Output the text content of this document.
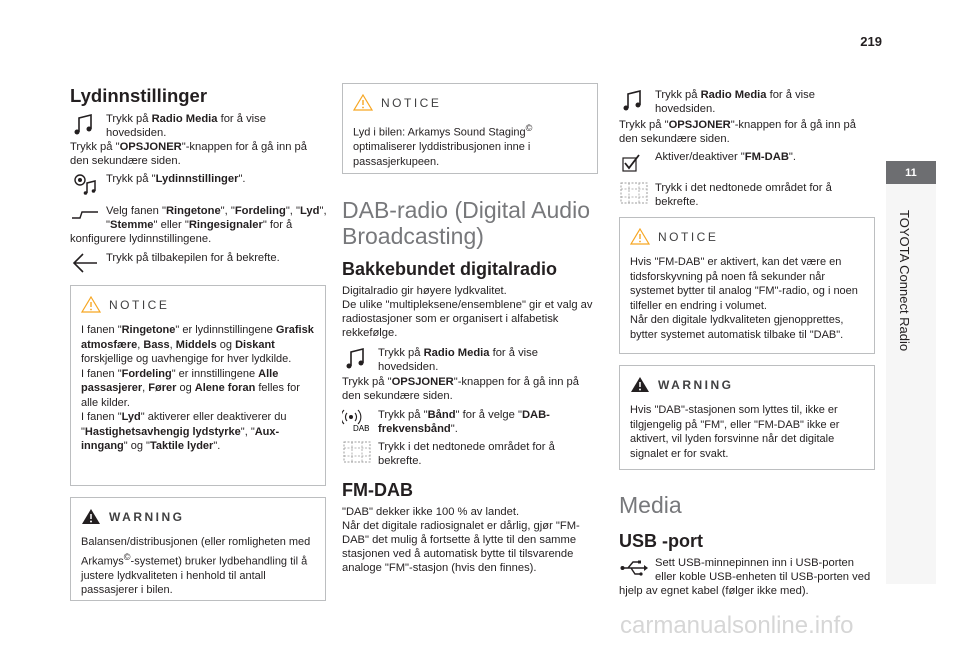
219
11
TOYOTA Connect Radio
Lydinnstillinger

Trykk på Radio Media for å vise hovedsiden.

Trykk på "OPSJONER"-knappen for å gå inn på den sekundære siden.

Trykk på "Lydinnstillinger".

Velg fanen "Ringetone", "Fordeling", "Lyd", "Stemme" eller "Ringesignaler" for å konfigurere lydinnstillingene.

Trykk på tilbakepilen for å bekrefte.

NOTICE

I fanen "Ringetone" er lydinnstillingene Grafisk atmosfære, Bass, Middels og Diskant forskjellige og uavhengige for hver lydkilde.
I fanen "Fordeling" er innstillingene Alle passasjerer, Fører og Alene foran felles for alle kilder.
I fanen "Lyd" aktiverer eller deaktiverer du "Hastighetsavhengig lydstyrke", "Aux-inngang" og "Taktile lyder".

WARNING

Balansen/distribusjonen (eller romligheten med Arkamys©-systemet) bruker lydbehandling til å justere lydkvaliteten i henhold til antall passasjerer i bilen.

NOTICE

Lyd i bilen: Arkamys Sound Staging© optimaliserer lyddistribusjonen inne i passasjerkupeen.

DAB-radio (Digital Audio Broadcasting)
Bakkebundet digitalradio

Digitalradio gir høyere lydkvalitet.
De ulike "multipleksene/ensemblene" gir et valg av radiostasjoner som er organisert i alfabetisk rekkefølge.

Trykk på Radio Media for å vise hovedsiden.

Trykk på "OPSJONER"-knappen for å gå inn på den sekundære siden.

DAB

Trykk på "Bånd" for å velge "DAB-frekvensbånd".

Trykk i det nedtonede området for å bekrefte.

FM-DAB

"DAB" dekker ikke 100 % av landet.
Når det digitale radiosignalet er dårlig, gjør "FM-DAB" det mulig å fortsette å lytte til den samme stasjonen ved å automatisk bytte til tilsvarende analoge "FM"-stasjon (hvis den finnes).

Trykk på Radio Media for å vise hovedsiden.

Trykk på "OPSJONER"-knappen for å gå inn på den sekundære siden.

Aktiver/deaktiver "FM-DAB".

Trykk i det nedtonede området for å bekrefte.

NOTICE

Hvis "FM-DAB" er aktivert, kan det være en tidsforskyvning på noen få sekunder når systemet bytter til analog "FM"-radio, og i noen tilfeller en endring i volumet.
Når den digitale lydkvaliteten gjenopprettes, bytter systemet automatisk tilbake til "DAB".

WARNING

Hvis "DAB"-stasjonen som lyttes til, ikke er tilgjengelig på "FM", eller "FM-DAB" ikke er aktivert, vil lyden forsvinne når det digitale signalet er for svakt.

Media
USB -port

Sett USB-minnepinnen inn i USB-porten eller koble USB-enheten til USB-porten ved hjelp av egnet kabel (følger ikke med).

carmanualsonline.info
